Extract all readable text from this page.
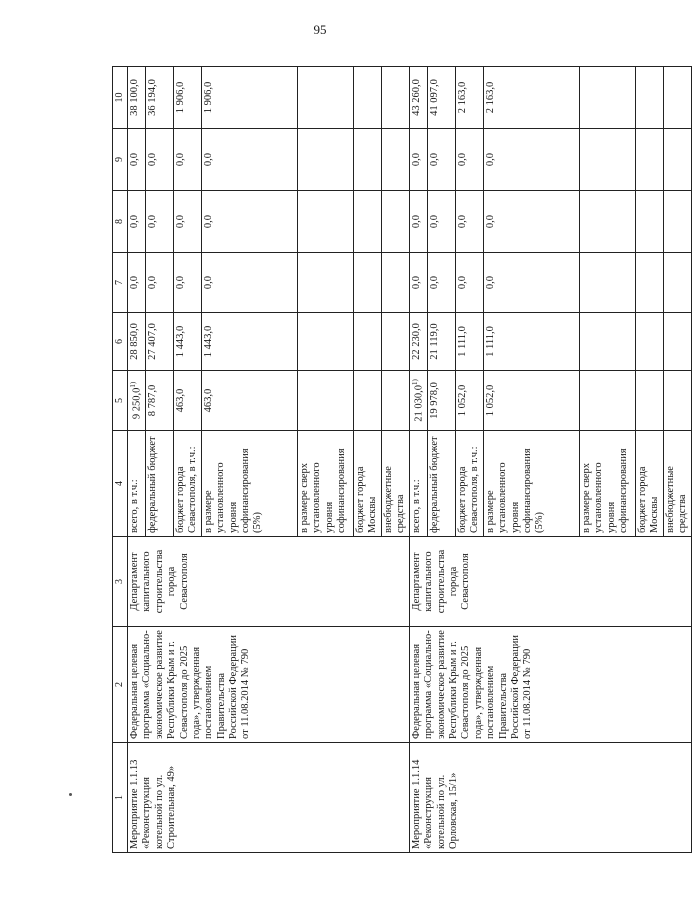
95
1	2	3	4	5	6	7	8	9	10
Мероприятие 1.1.13 «Реконструкция котельной по ул. Строительная, 49»	Федеральная целевая программа «Социально-экономическое развитие Республики Крым и г. Севастополя до 2025 года», утвержденная постановлением Правительства Российской Федерации от 11.08.2014 № 790	Департамент капитального строительства города Севастополя	всего, в т.ч.:	9 250,0$^{1)}$	28 850,0	0,0	0,0	0,0	38 100,0
			федеральный бюджет	8 787,0	27 407,0	0,0	0,0	0,0	36 194,0
			бюджет города Севастополя, в т.ч.:	463,0	1 443,0	0,0	0,0	0,0	1 906,0
			в размере установленного уровня софинансирования (5%)	463,0	1 443,0	0,0	0,0	0,0	1 906,0
			в размере сверх установленного уровня софинансирования						
			бюджет города Москвы						
			внебюджетные средства						
Мероприятие 1.1.14 «Реконструкция котельной по ул. Орловская, 15/1»	Федеральная целевая программа «Социально-экономическое развитие Республики Крым и г. Севастополя до 2025 года», утвержденная постановлением Правительства Российской Федерации от 11.08.2014 № 790	Департамент капитального строительства города Севастополя	всего, в т.ч.:	21 030,0$^{1)}$	22 230,0	0,0	0,0	0,0	43 260,0
			федеральный бюджет	19 978,0	21 119,0	0,0	0,0	0,0	41 097,0
			бюджет города Севастополя, в т.ч.:	1 052,0	1 111,0	0,0	0,0	0,0	2 163,0
			в размере установленного уровня софинансирования (5%)	1 052,0	1 111,0	0,0	0,0	0,0	2 163,0
			в размере сверх установленного уровня софинансирования						
			бюджет города Москвы						
			внебюджетные средства						
